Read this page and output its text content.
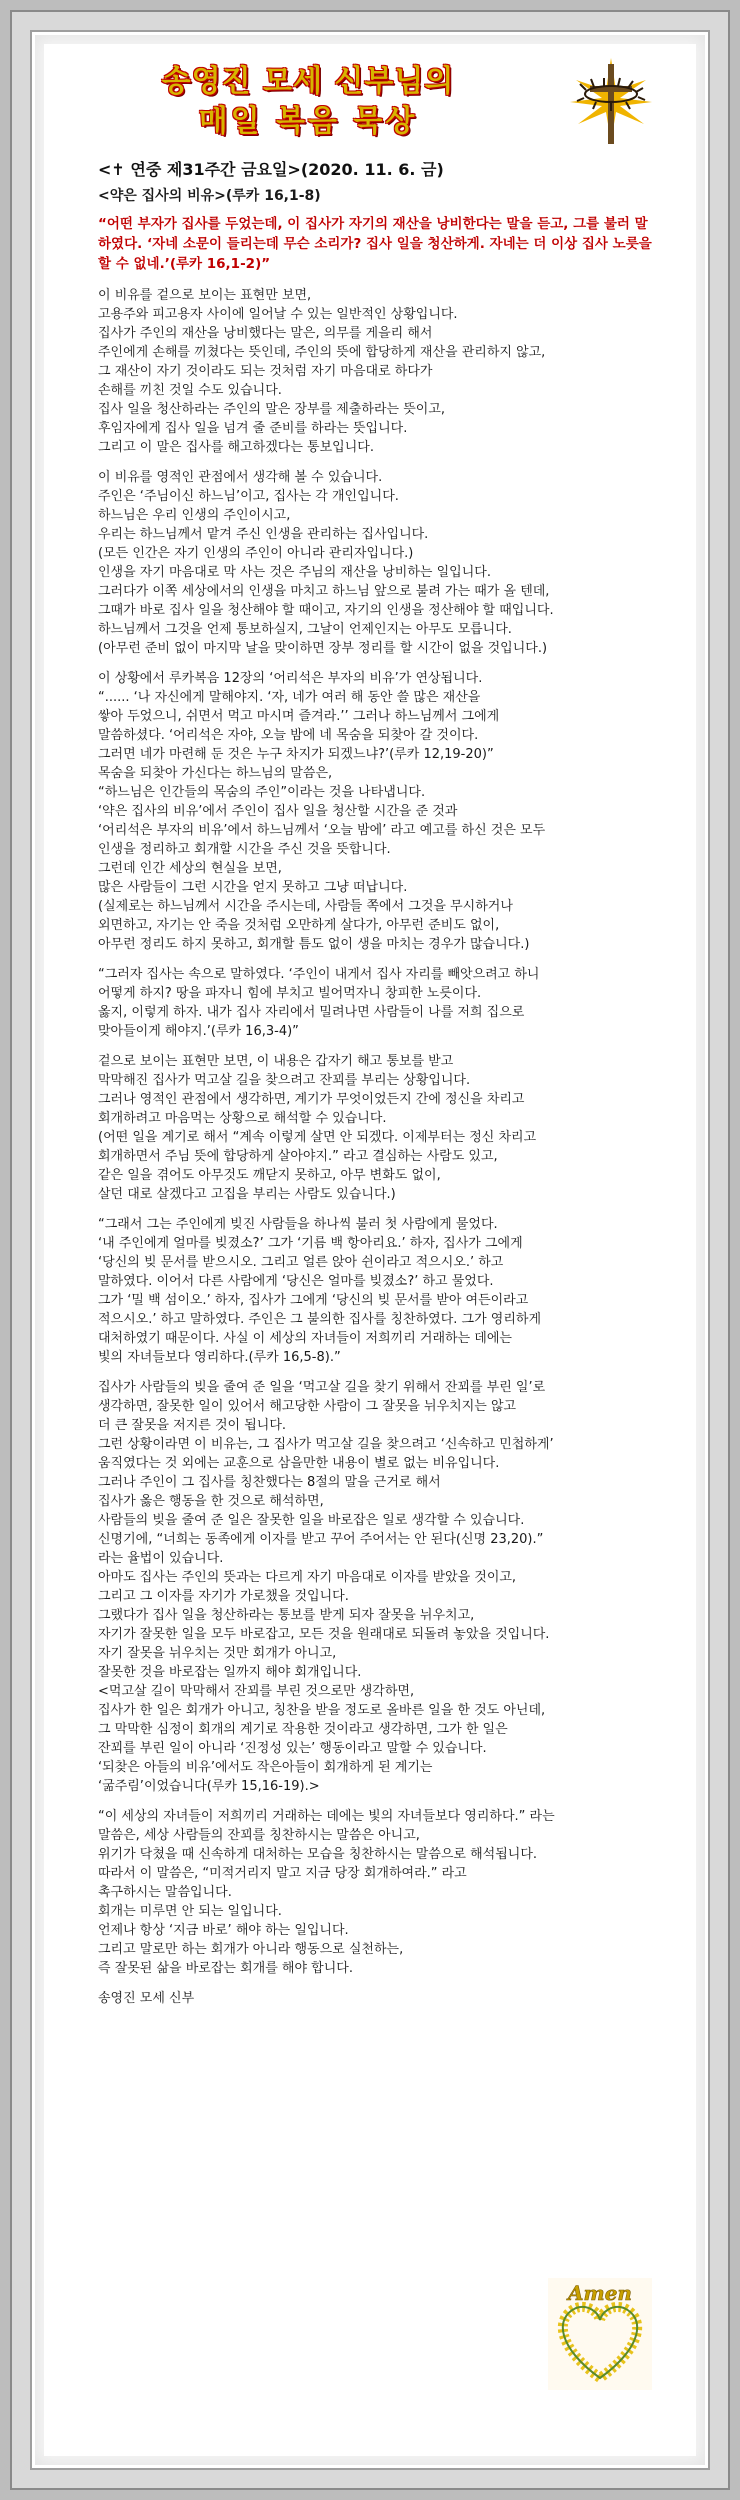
송영진 모세 신부님의
매일 복음 묵상
<✝ 연중 제31주간 금요일>(2020. 11. 6. 금)
<약은 집사의 비유>(루카 16,1-8)
“어떤 부자가 집사를 두었는데, 이 집사가 자기의 재산을 낭비한다는 말을 듣고, 그를 불러 말하였다. ‘자네 소문이 들리는데 무슨 소리가? 집사 일을 청산하게. 자네는 더 이상 집사 노릇을 할 수 없네.’(루카 16,1-2)”
이 비유를 겉으로 보이는 표현만 보면,
고용주와 피고용자 사이에 일어날 수 있는 일반적인 상황입니다.
집사가 주인의 재산을 낭비했다는 말은, 의무를 게을리 해서
주인에게 손해를 끼쳤다는 뜻인데, 주인의 뜻에 합당하게 재산을 관리하지 않고,
그 재산이 자기 것이라도 되는 것처럼 자기 마음대로 하다가
손해를 끼친 것일 수도 있습니다.
집사 일을 청산하라는 주인의 말은 장부를 제출하라는 뜻이고,
후임자에게 집사 일을 넘겨 줄 준비를 하라는 뜻입니다.
그리고 이 말은 집사를 해고하겠다는 통보입니다.
이 비유를 영적인 관점에서 생각해 볼 수 있습니다.
주인은 ‘주님이신 하느님’이고, 집사는 각 개인입니다.
하느님은 우리 인생의 주인이시고,
우리는 하느님께서 맡겨 주신 인생을 관리하는 집사입니다.
(모든 인간은 자기 인생의 주인이 아니라 관리자입니다.)
인생을 자기 마음대로 막 사는 것은 주님의 재산을 낭비하는 일입니다.
그러다가 이쪽 세상에서의 인생을 마치고 하느님 앞으로 불려 가는 때가 올 텐데,
그때가 바로 집사 일을 청산해야 할 때이고, 자기의 인생을 정산해야 할 때입니다.
하느님께서 그것을 언제 통보하실지, 그날이 언제인지는 아무도 모릅니다.
(아무런 준비 없이 마지막 날을 맞이하면 장부 정리를 할 시간이 없을 것입니다.)
이 상황에서 루카복음 12장의 ‘어리석은 부자의 비유’가 연상됩니다.
“...... ‘나 자신에게 말해야지. ‘자, 네가 여러 해 동안 쓸 많은 재산을
쌓아 두었으니, 쉬면서 먹고 마시며 즐겨라.’’ 그러나 하느님께서 그에게
말씀하셨다. ‘어리석은 자야, 오늘 밤에 네 목숨을 되찾아 갈 것이다.
그러면 네가 마련해 둔 것은 누구 차지가 되겠느냐?’(루카 12,19-20)”
목숨을 되찾아 가신다는 하느님의 말씀은,
“하느님은 인간들의 목숨의 주인”이라는 것을 나타냅니다.
‘약은 집사의 비유’에서 주인이 집사 일을 청산할 시간을 준 것과
‘어리석은 부자의 비유’에서 하느님께서 ‘오늘 밤에’ 라고 예고를 하신 것은 모두
인생을 정리하고 회개할 시간을 주신 것을 뜻합니다.
그런데 인간 세상의 현실을 보면,
많은 사람들이 그런 시간을 얻지 못하고 그냥 떠납니다.
(실제로는 하느님께서 시간을 주시는데, 사람들 쪽에서 그것을 무시하거나
외면하고, 자기는 안 죽을 것처럼 오만하게 살다가, 아무런 준비도 없이,
아무런 정리도 하지 못하고, 회개할 틈도 없이 생을 마치는 경우가 많습니다.)
“그러자 집사는 속으로 말하였다. ‘주인이 내게서 집사 자리를 빼앗으려고 하니
어떻게 하지? 땅을 파자니 힘에 부치고 빌어먹자니 창피한 노릇이다.
옳지, 이렇게 하자. 내가 집사 자리에서 밀려나면 사람들이 나를 저희 집으로
맞아들이게 해야지.’(루카 16,3-4)”
겉으로 보이는 표현만 보면, 이 내용은 갑자기 해고 통보를 받고
막막해진 집사가 먹고살 길을 찾으려고 잔꾀를 부리는 상황입니다.
그러나 영적인 관점에서 생각하면, 계기가 무엇이었든지 간에 정신을 차리고
회개하려고 마음먹는 상황으로 해석할 수 있습니다.
(어떤 일을 계기로 해서 “계속 이렇게 살면 안 되겠다. 이제부터는 정신 차리고
회개하면서 주님 뜻에 합당하게 살아야지.” 라고 결심하는 사람도 있고,
같은 일을 겪어도 아무것도 깨닫지 못하고, 아무 변화도 없이,
살던 대로 살겠다고 고집을 부리는 사람도 있습니다.)
“그래서 그는 주인에게 빚진 사람들을 하나씩 불러 첫 사람에게 물었다.
‘내 주인에게 얼마를 빚졌소?’ 그가 ‘기름 백 항아리요.’ 하자, 집사가 그에게
‘당신의 빚 문서를 받으시오. 그리고 얼른 앉아 쉰이라고 적으시오.’ 하고
말하였다. 이어서 다른 사람에게 ‘당신은 얼마를 빚졌소?’ 하고 물었다.
그가 ‘밀 백 섬이오.’ 하자, 집사가 그에게 ‘당신의 빚 문서를 받아 여든이라고
적으시오.’ 하고 말하였다. 주인은 그 불의한 집사를 칭찬하였다. 그가 영리하게
대처하였기 때문이다. 사실 이 세상의 자녀들이 저희끼리 거래하는 데에는
빛의 자녀들보다 영리하다.(루카 16,5-8).”
집사가 사람들의 빚을 줄여 준 일을 ‘먹고살 길을 찾기 위해서 잔꾀를 부린 일’로
생각하면, 잘못한 일이 있어서 해고당한 사람이 그 잘못을 뉘우치지는 않고
더 큰 잘못을 저지른 것이 됩니다.
그런 상황이라면 이 비유는, 그 집사가 먹고살 길을 찾으려고 ‘신속하고 민첩하게’
움직였다는 것 외에는 교훈으로 삼을만한 내용이 별로 없는 비유입니다.
그러나 주인이 그 집사를 칭찬했다는 8절의 말을 근거로 해서
집사가 옳은 행동을 한 것으로 해석하면,
사람들의 빚을 줄여 준 일은 잘못한 일을 바로잡은 일로 생각할 수 있습니다.
신명기에, “너희는 동족에게 이자를 받고 꾸어 주어서는 안 된다(신명 23,20).”
라는 율법이 있습니다.
아마도 집사는 주인의 뜻과는 다르게 자기 마음대로 이자를 받았을 것이고,
그리고 그 이자를 자기가 가로챘을 것입니다.
그랬다가 집사 일을 청산하라는 통보를 받게 되자 잘못을 뉘우치고,
자기가 잘못한 일을 모두 바로잡고, 모든 것을 원래대로 되돌려 놓았을 것입니다.
자기 잘못을 뉘우치는 것만 회개가 아니고,
잘못한 것을 바로잡는 일까지 해야 회개입니다.
<먹고살 길이 막막해서 잔꾀를 부린 것으로만 생각하면,
집사가 한 일은 회개가 아니고, 칭찬을 받을 정도로 올바른 일을 한 것도 아닌데,
그 막막한 심정이 회개의 계기로 작용한 것이라고 생각하면, 그가 한 일은
잔꾀를 부린 일이 아니라 ‘진정성 있는’ 행동이라고 말할 수 있습니다.
‘되찾은 아들의 비유’에서도 작은아들이 회개하게 된 계기는
‘굶주림’이었습니다(루카 15,16-19).>
“이 세상의 자녀들이 저희끼리 거래하는 데에는 빛의 자녀들보다 영리하다.” 라는
말씀은, 세상 사람들의 잔꾀를 칭찬하시는 말씀은 아니고,
위기가 닥쳤을 때 신속하게 대처하는 모습을 칭찬하시는 말씀으로 해석됩니다.
따라서 이 말씀은, “미적거리지 말고 지금 당장 회개하여라.” 라고
촉구하시는 말씀입니다.
회개는 미루면 안 되는 일입니다.
언제나 항상 ‘지금 바로’ 해야 하는 일입니다.
그리고 말로만 하는 회개가 아니라 행동으로 실천하는,
즉 잘못된 삶을 바로잡는 회개를 해야 합니다.
송영진 모세 신부
Amen
